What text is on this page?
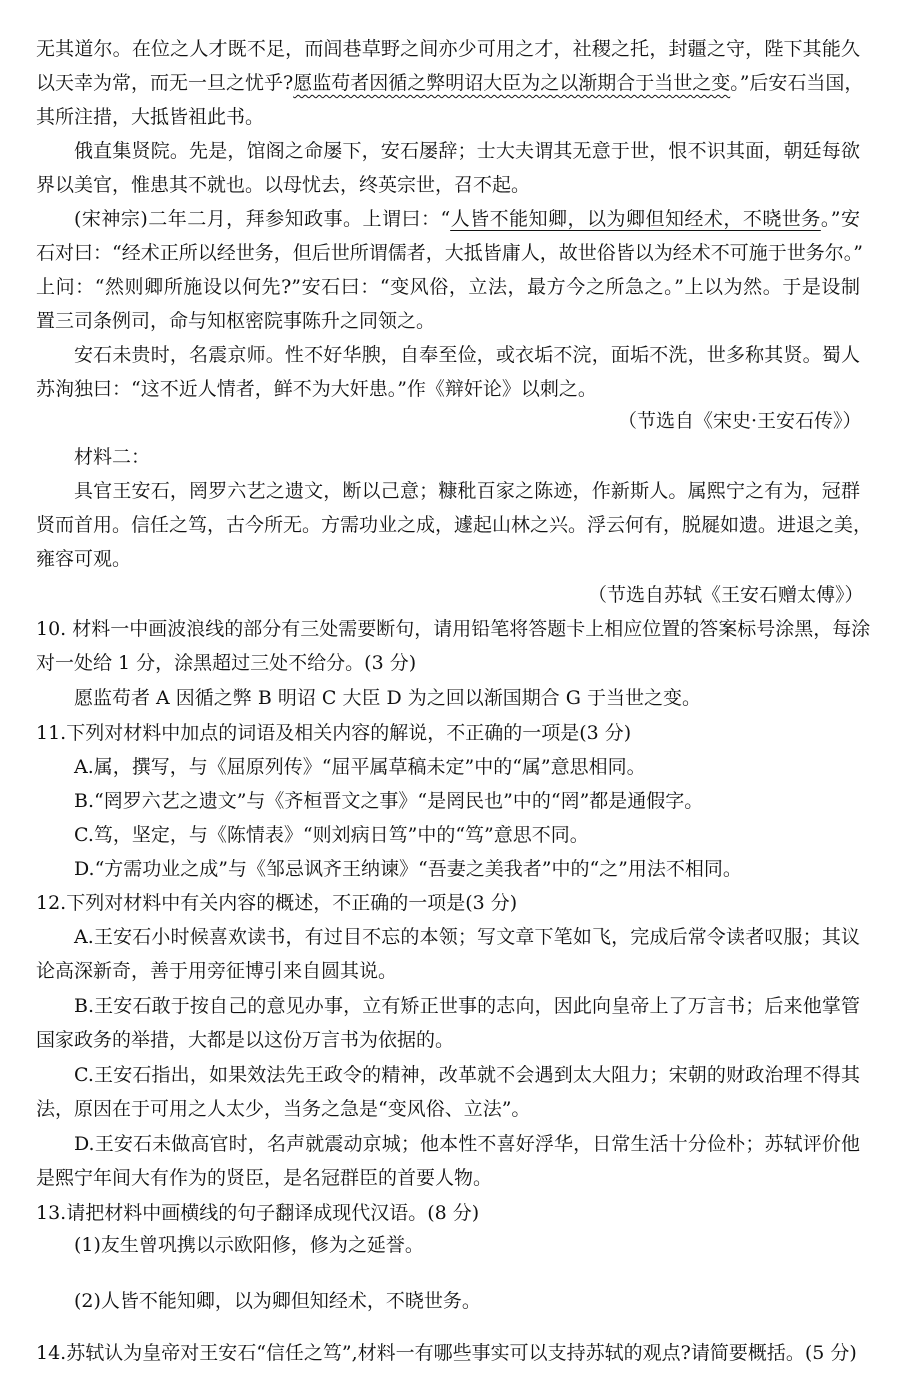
无其道尔。在位之人才既不足，而闾巷草野之间亦少可用之才，社稷之托，封疆之守，陛下其能久
以天幸为常，而无一旦之忧乎?愿监苟者因循之弊明诏大臣为之以渐期合于当世之变。”后安石当国，
其所注措，大抵皆祖此书。
俄直集贤院。先是，馆阁之命屡下，安石屡辞；士大夫谓其无意于世，恨不识其面，朝廷每欲
界以美官，惟患其不就也。以母忧去，终英宗世，召不起。
(宋神宗)二年二月，拜参知政事。上谓曰：“人皆不能知卿，以为卿但知经术，不晓世务。”安
石对曰：“经术正所以经世务，但后世所谓儒者，大抵皆庸人，故世俗皆以为经术不可施于世务尔。”
上问：“然则卿所施设以何先?”安石曰：“变风俗，立法，最方今之所急之。”上以为然。于是设制
置三司条例司，命与知枢密院事陈升之同领之。
安石未贵时，名震京师。性不好华腴，自奉至俭，或衣垢不浣，面垢不洗，世多称其贤。蜀人
苏洵独曰：“这不近人情者，鲜不为大奸患。”作《辩奸论》以刺之。
（节选自《宋史·王安石传》）
材料二：
具官王安石，罔罗六艺之遗文，断以己意；糠秕百家之陈迹，作新斯人。属熙宁之有为，冠群
贤而首用。信任之笃，古今所无。方需功业之成，遽起山林之兴。浮云何有，脱屣如遗。进退之美，
雍容可观。
（节选自苏轼《王安石赠太傅》）
10. 材料一中画波浪线的部分有三处需要断句，请用铅笔将答题卡上相应位置的答案标号涂黑，每涂
对一处给 1 分，涂黑超过三处不给分。(3 分)
愿监苟者 A 因循之弊 B 明诏 C 大臣 D 为之回以渐国期合 G 于当世之变。
11.下列对材料中加点的词语及相关内容的解说，不正确的一项是(3 分)
A.属，撰写，与《屈原列传》“屈平属草稿未定”中的“属”意思相同。
B.“罔罗六艺之遗文”与《齐桓晋文之事》“是罔民也”中的“罔”都是通假字。
C.笃，坚定，与《陈情表》“则刘病日笃”中的“笃”意思不同。
D.“方需功业之成”与《邹忌讽齐王纳谏》“吾妻之美我者”中的“之”用法不相同。
12.下列对材料中有关内容的概述，不正确的一项是(3 分)
A.王安石小时候喜欢读书，有过目不忘的本领；写文章下笔如飞，完成后常令读者叹服；其议
论高深新奇，善于用旁征博引来自圆其说。
B.王安石敢于按自己的意见办事，立有矫正世事的志向，因此向皇帝上了万言书；后来他掌管
国家政务的举措，大都是以这份万言书为依据的。
C.王安石指出，如果效法先王政令的精神，改革就不会遇到太大阻力；宋朝的财政治理不得其
法，原因在于可用之人太少，当务之急是“变风俗、立法”。
D.王安石未做高官时，名声就震动京城；他本性不喜好浮华，日常生活十分俭朴；苏轼评价他
是熙宁年间大有作为的贤臣，是名冠群臣的首要人物。
13.请把材料中画横线的句子翻译成现代汉语。(8 分)
(1)友生曾巩携以示欧阳修，修为之延誉。
(2)人皆不能知卿，以为卿但知经术，不晓世务。
14.苏轼认为皇帝对王安石“信任之笃”,材料一有哪些事实可以支持苏轼的观点?请简要概括。(5 分)
